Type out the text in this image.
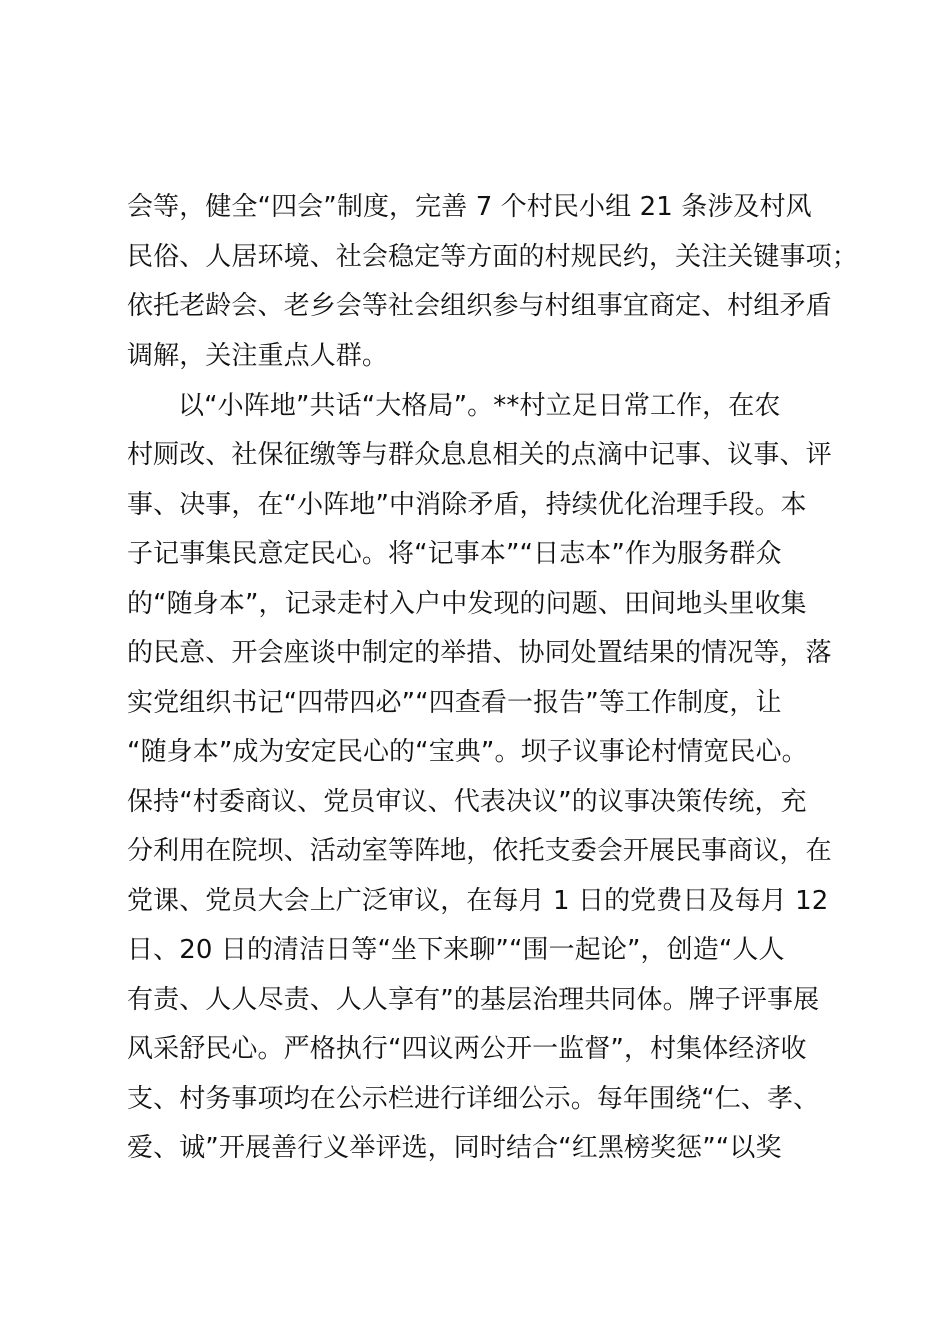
会等，健全“四会”制度，完善 7 个村民小组 21 条涉及村风
民俗、人居环境、社会稳定等方面的村规民约，关注关键事项；
依托老龄会、老乡会等社会组织参与村组事宜商定、村组矛盾
调解，关注重点人群。
以“小阵地”共话“大格局”。**村立足日常工作，在农
村厕改、社保征缴等与群众息息相关的点滴中记事、议事、评
事、决事，在“小阵地”中消除矛盾，持续优化治理手段。本
子记事集民意定民心。将“记事本”“日志本”作为服务群众
的“随身本”，记录走村入户中发现的问题、田间地头里收集
的民意、开会座谈中制定的举措、协同处置结果的情况等，落
实党组织书记“四带四必”“四查看一报告”等工作制度，让
“随身本”成为安定民心的“宝典”。坝子议事论村情宽民心。
保持“村委商议、党员审议、代表决议”的议事决策传统，充
分利用在院坝、活动室等阵地，依托支委会开展民事商议，在
党课、党员大会上广泛审议，在每月 1 日的党费日及每月 12
日、20 日的清洁日等“坐下来聊”“围一起论”，创造“人人
有责、人人尽责、人人享有”的基层治理共同体。牌子评事展
风采舒民心。严格执行“四议两公开一监督”，村集体经济收
支、村务事项均在公示栏进行详细公示。每年围绕“仁、孝、
爱、诚”开展善行义举评选，同时结合“红黑榜奖惩”“以奖
